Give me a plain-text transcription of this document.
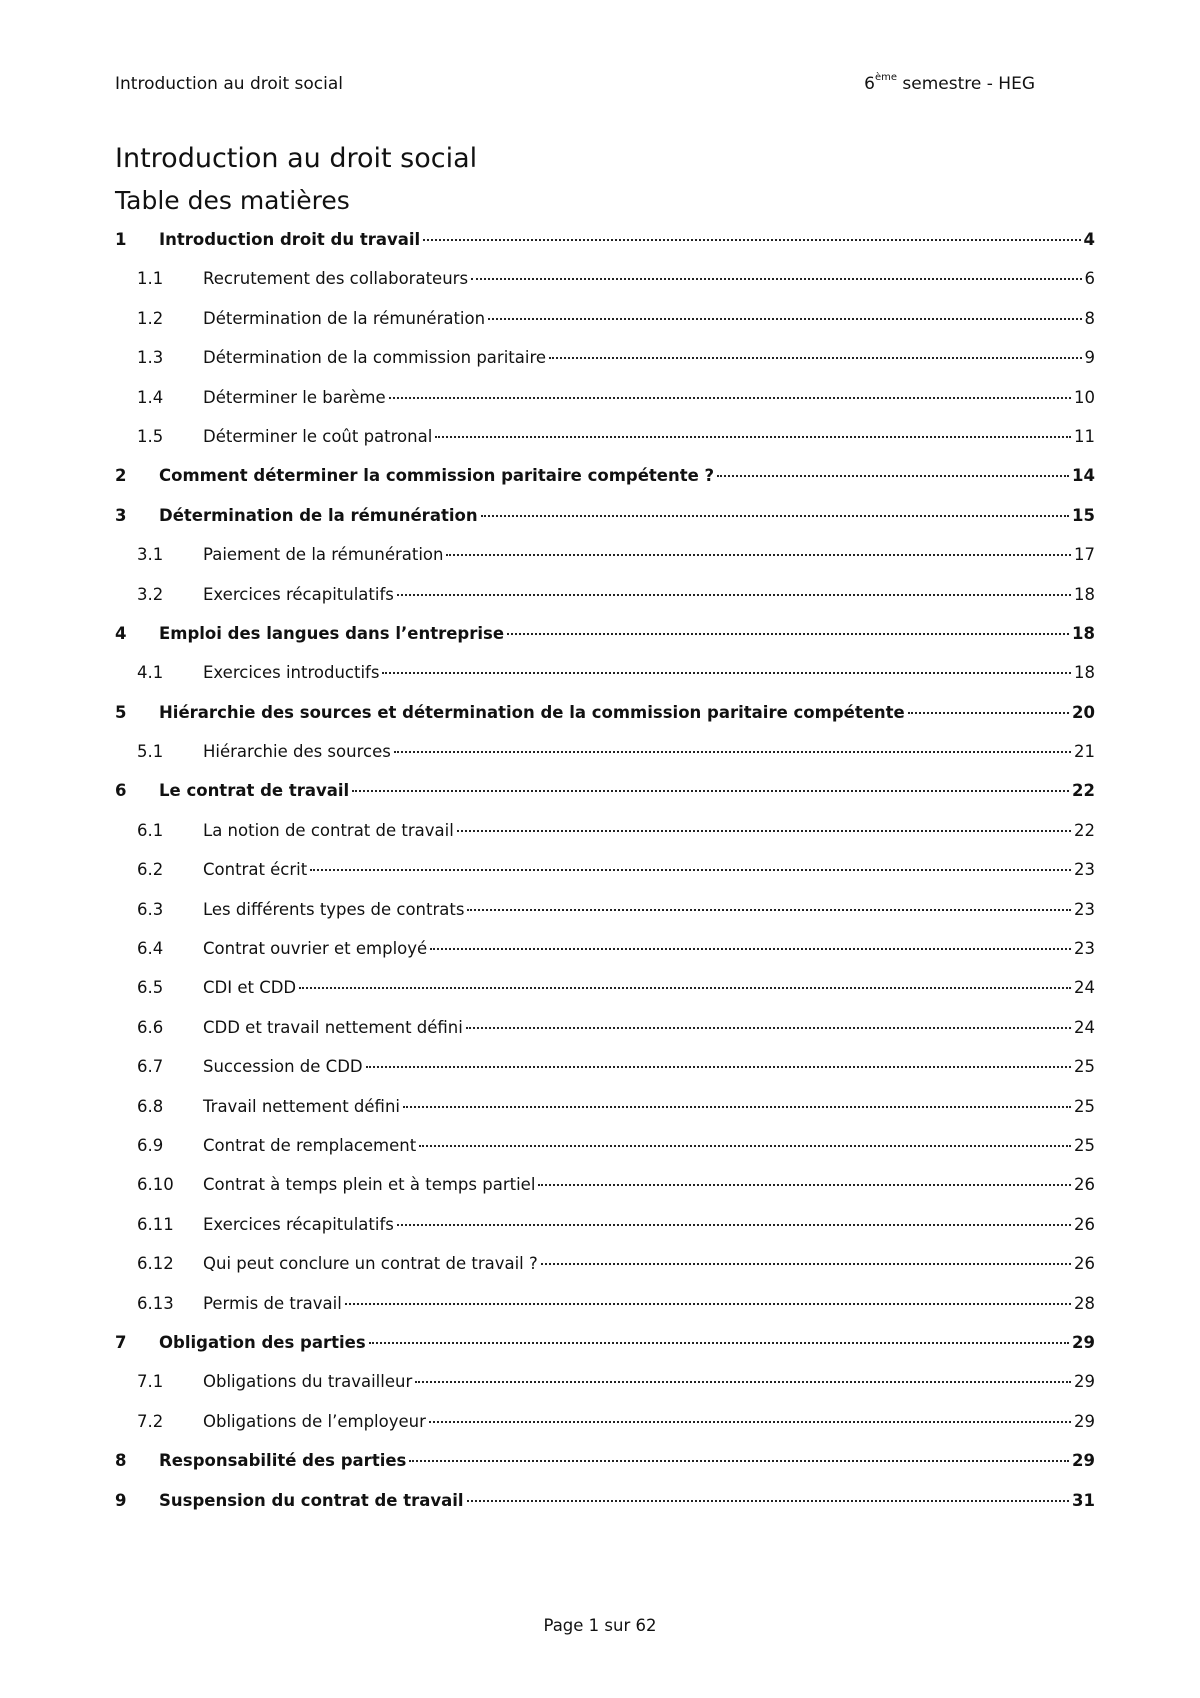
Introduction au droit social	6ème semestre - HEG
Introduction au droit social
Table des matières
1	Introduction droit du travail	4
1.1	Recrutement des collaborateurs	6
1.2	Détermination de la rémunération	8
1.3	Détermination de la commission paritaire	9
1.4	Déterminer le barème	10
1.5	Déterminer le coût patronal	11
2	Comment déterminer la commission paritaire compétente ?	14
3	Détermination de la rémunération	15
3.1	Paiement de la rémunération	17
3.2	Exercices récapitulatifs	18
4	Emploi des langues dans l’entreprise	18
4.1	Exercices introductifs	18
5	Hiérarchie des sources et détermination de la commission paritaire compétente	20
5.1	Hiérarchie des sources	21
6	Le contrat de travail	22
6.1	La notion de contrat de travail	22
6.2	Contrat écrit	23
6.3	Les différents types de contrats	23
6.4	Contrat ouvrier et employé	23
6.5	CDI et CDD	24
6.6	CDD et travail nettement défini	24
6.7	Succession de CDD	25
6.8	Travail nettement défini	25
6.9	Contrat de remplacement	25
6.10	Contrat à temps plein et à temps partiel	26
6.11	Exercices récapitulatifs	26
6.12	Qui peut conclure un contrat de travail ?	26
6.13	Permis de travail	28
7	Obligation des parties	29
7.1	Obligations du travailleur	29
7.2	Obligations de l’employeur	29
8	Responsabilité des parties	29
9	Suspension du contrat de travail	31
Page 1 sur 62
